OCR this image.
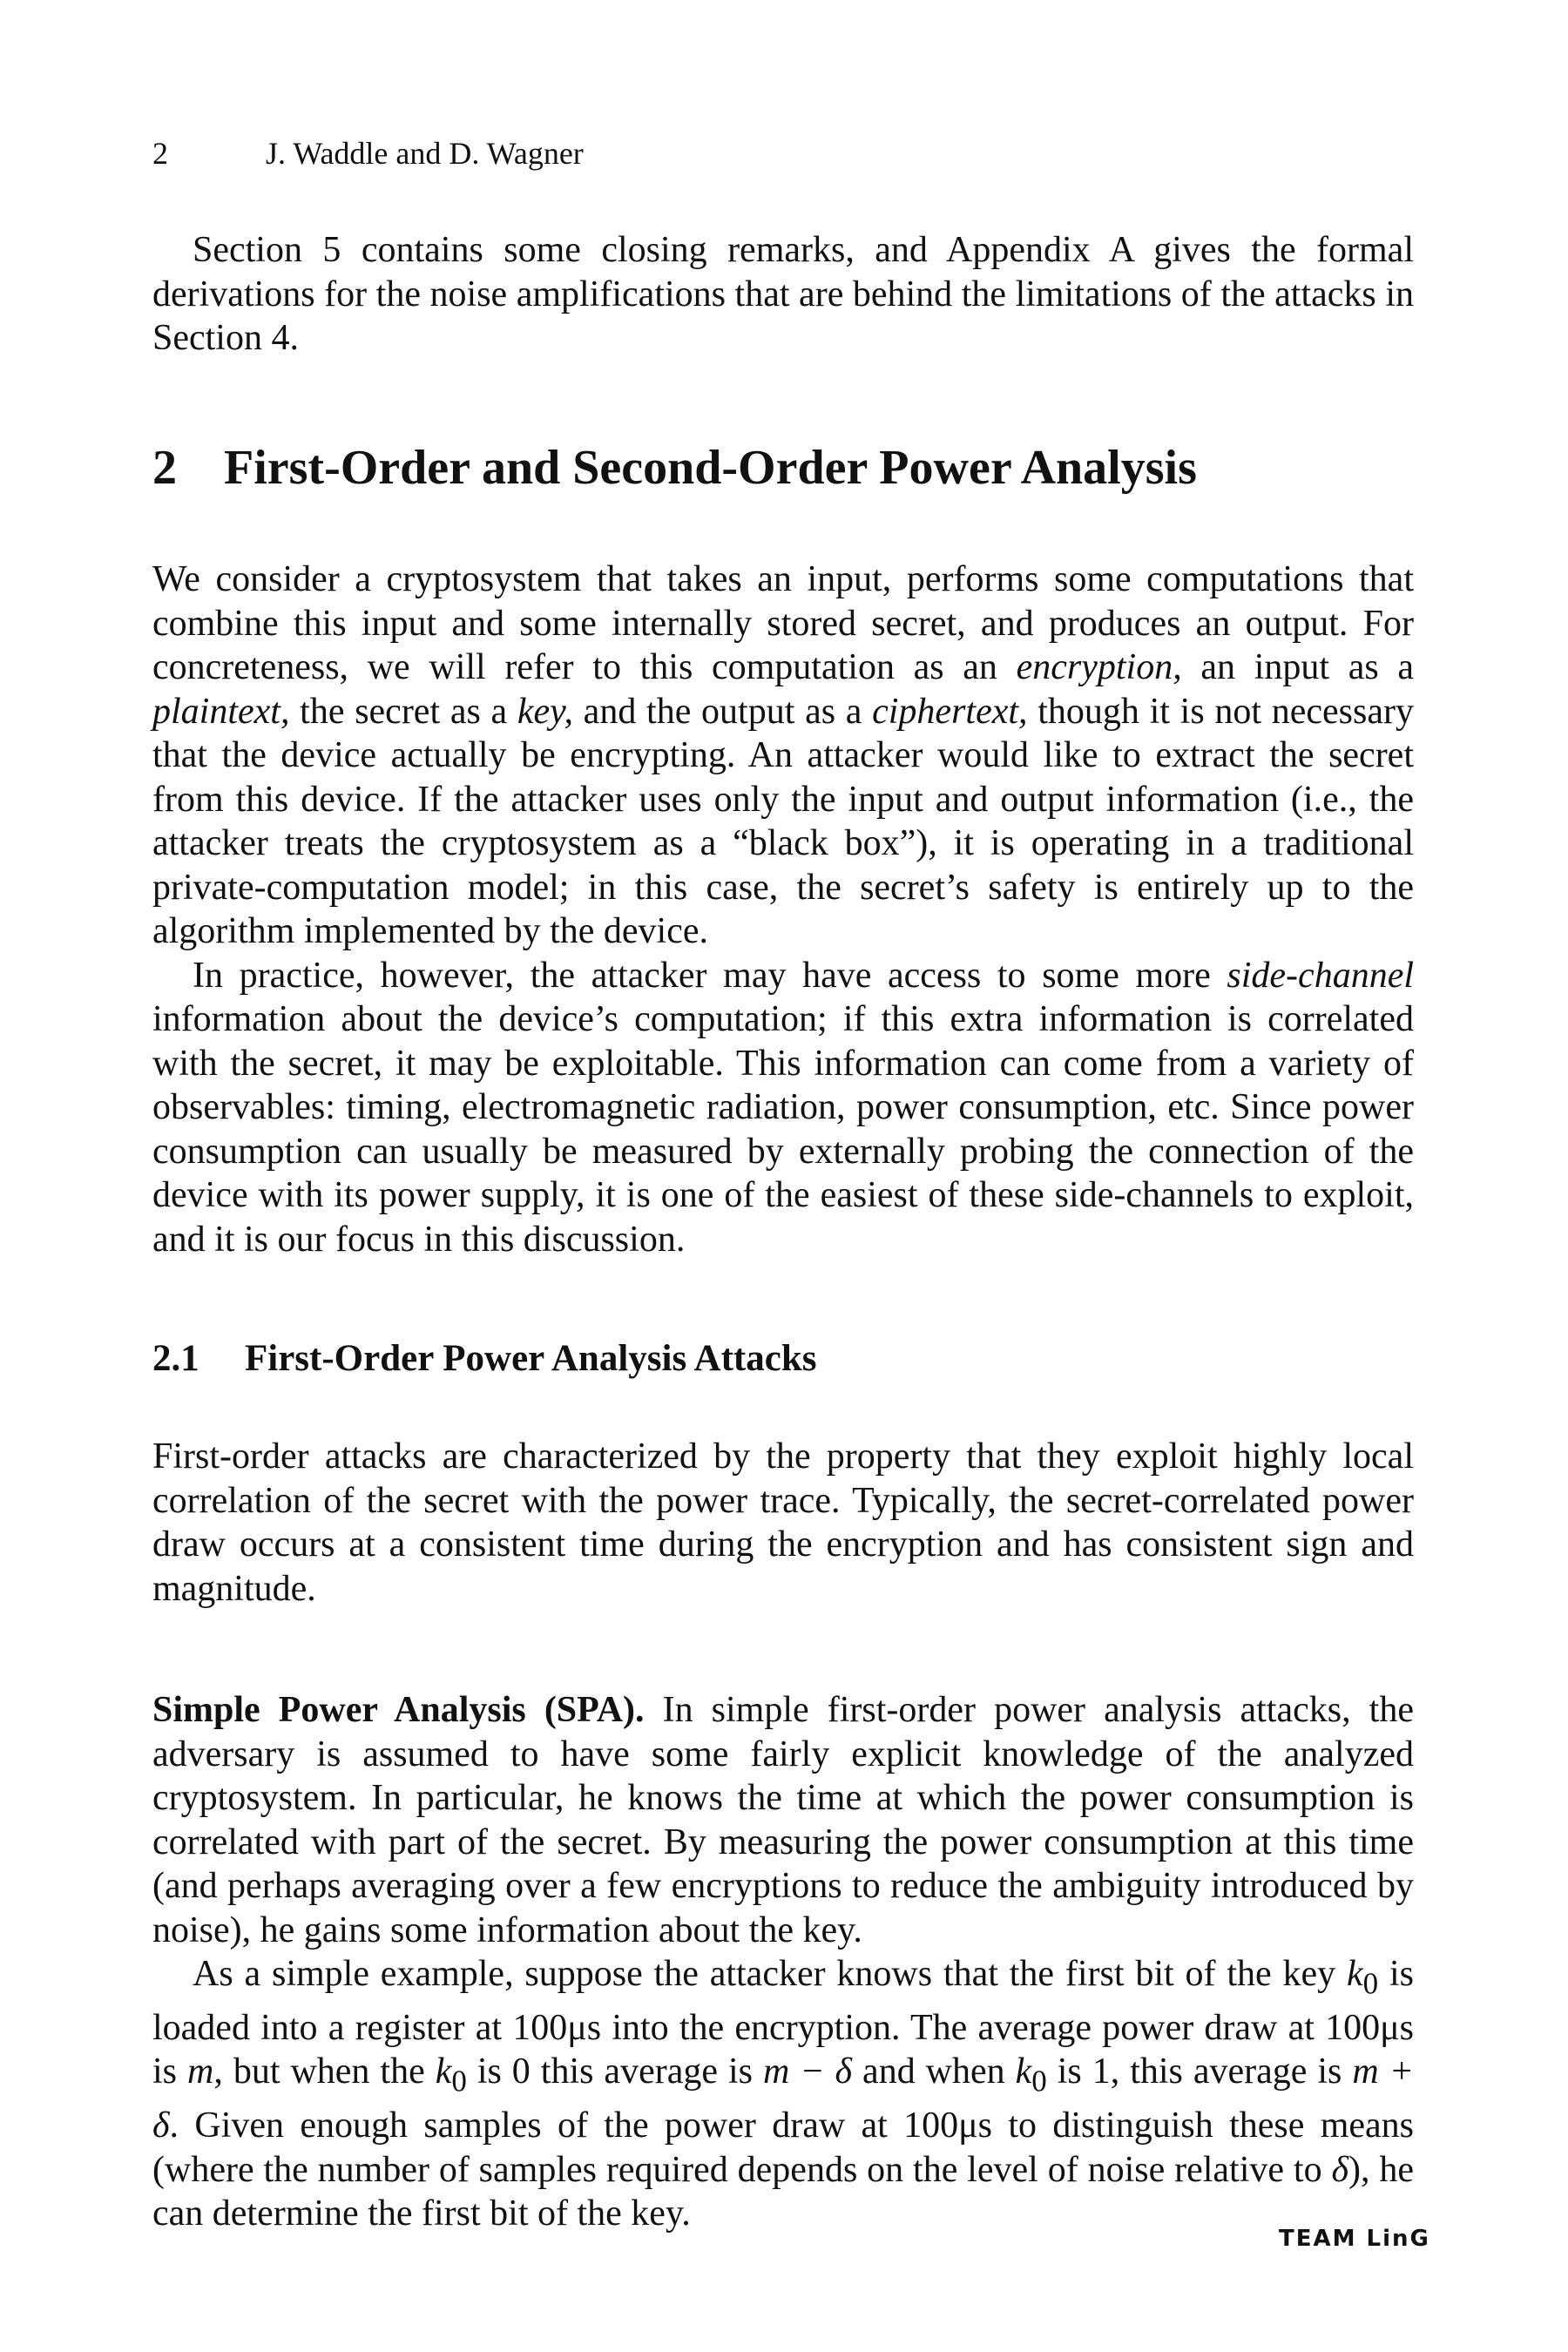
2	J. Waddle and D. Wagner

Section 5 contains some closing remarks, and Appendix A gives the formal derivations for the noise amplifications that are behind the limitations of the attacks in Section 4.

2 First-Order and Second-Order Power Analysis

We consider a cryptosystem that takes an input, performs some computations that combine this input and some internally stored secret, and produces an output. For concreteness, we will refer to this computation as an encryption, an input as a plaintext, the secret as a key, and the output as a ciphertext, though it is not necessary that the device actually be encrypting. An attacker would like to extract the secret from this device. If the attacker uses only the input and output information (i.e., the attacker treats the cryptosystem as a “black box”), it is operating in a traditional private-computation model; in this case, the secret’s safety is entirely up to the algorithm implemented by the device.

In practice, however, the attacker may have access to some more side-channel information about the device’s computation; if this extra information is correlated with the secret, it may be exploitable. This information can come from a variety of observables: timing, electromagnetic radiation, power consumption, etc. Since power consumption can usually be measured by externally probing the connection of the device with its power supply, it is one of the easiest of these side-channels to exploit, and it is our focus in this discussion.

2.1 First-Order Power Analysis Attacks

First-order attacks are characterized by the property that they exploit highly local correlation of the secret with the power trace. Typically, the secret-correlated power draw occurs at a consistent time during the encryption and has consistent sign and magnitude.

Simple Power Analysis (SPA). In simple first-order power analysis attacks, the adversary is assumed to have some fairly explicit knowledge of the analyzed cryptosystem. In particular, he knows the time at which the power consumption is correlated with part of the secret. By measuring the power consumption at this time (and perhaps averaging over a few encryptions to reduce the ambiguity introduced by noise), he gains some information about the key.

As a simple example, suppose the attacker knows that the first bit of the key $k_0$ is loaded into a register at 100μs into the encryption. The average power draw at 100μs is m, but when the $k_0$ is 0 this average is m − δ and when $k_0$ is 1, this average is m + δ. Given enough samples of the power draw at 100μs to distinguish these means (where the number of samples required depends on the level of noise relative to δ), he can determine the first bit of the key.

TEAM LinG
